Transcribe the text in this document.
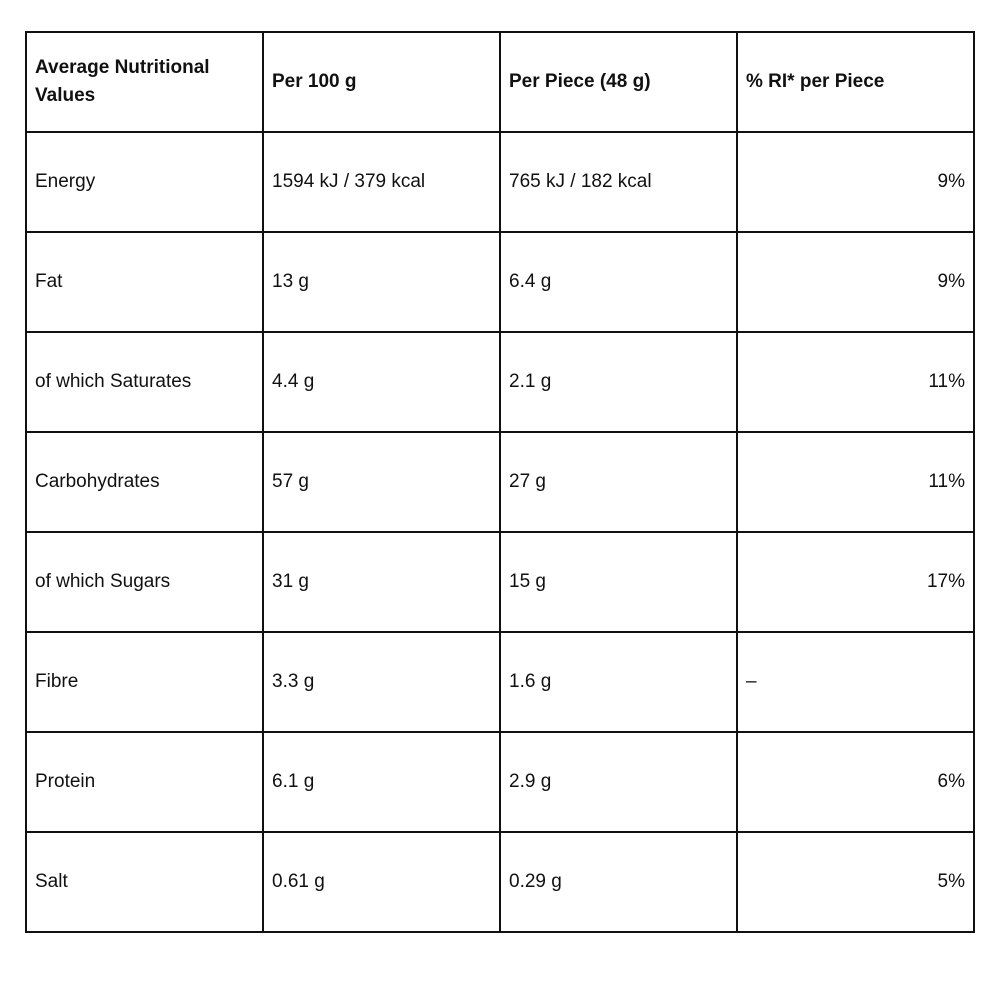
Average Nutritional Values	Per 100 g	Per Piece (48 g)	% RI* per Piece
Energy	1594 kJ / 379 kcal	765 kJ / 182 kcal	9%
Fat	13 g	6.4 g	9%
of which Saturates	4.4 g	2.1 g	11%
Carbohydrates	57 g	27 g	11%
of which Sugars	31 g	15 g	17%
Fibre	3.3 g	1.6 g	–
Protein	6.1 g	2.9 g	6%
Salt	0.61 g	0.29 g	5%
